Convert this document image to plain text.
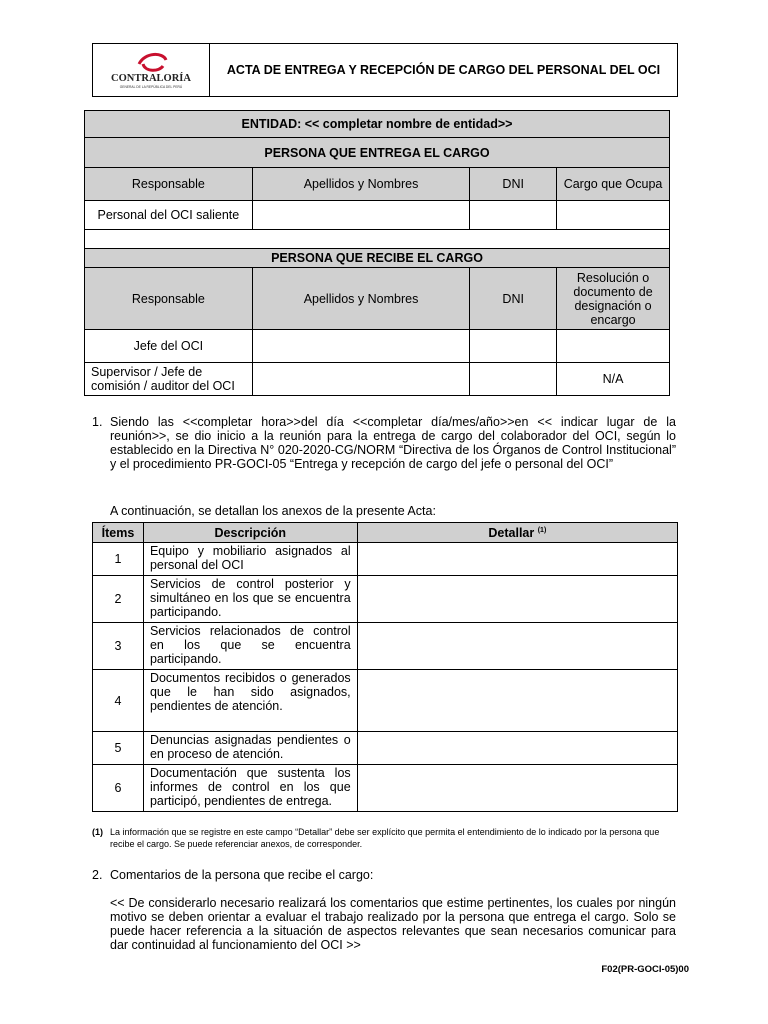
CONTRALORÍA
GENERAL DE LA REPÚBLICA DEL PERÚ
	ACTA DE ENTREGA Y RECEPCIÓN DE CARGO DEL PERSONAL DEL OCI
ENTIDAD: << completar nombre de entidad>>			
PERSONA QUE ENTREGA EL CARGO			
Responsable	Apellidos y Nombres	DNI	Cargo que Ocupa
Personal del OCI saliente			

PERSONA QUE RECIBE EL CARGO			
Responsable	Apellidos y Nombres	DNI	Resolución o documento de designación o encargo
Jefe del OCI			
Supervisor / Jefe de comisión / auditor del OCI			N/A
1. Siendo las <<completar hora>>del día <<completar día/mes/año>>en << indicar lugar de la reunión>>, se dio inicio a la reunión para la entrega de cargo del colaborador del OCI, según lo establecido en la Directiva N° 020-2020-CG/NORM “Directiva de los Órganos de Control Institucional” y el procedimiento PR-GOCI-05 “Entrega y recepción de cargo del jefe o personal del OCI”
A continuación, se detallan los anexos de la presente Acta:
Ítems	Descripción	Detallar $^{(1)}$
1	Equipo y mobiliario asignados al personal del OCI	
2	Servicios de control posterior y simultáneo en los que se encuentra participando.	
3	Servicios relacionados de control en los que se encuentra participando.	
4	Documentos recibidos o generados que le han sido asignados, pendientes de atención.	
5	Denuncias asignadas pendientes o en proceso de atención.	
6	Documentación que sustenta los informes de control en los que participó, pendientes de entrega.	
(1) La información que se registre en este campo “Detallar” debe ser explícito que permita el entendimiento de lo indicado por la persona que recibe el cargo. Se puede referenciar anexos, de corresponder.
2. Comentarios de la persona que recibe el cargo:
<< De considerarlo necesario realizará los comentarios que estime pertinentes, los cuales por ningún motivo se deben orientar a evaluar el trabajo realizado por la persona que entrega el cargo. Solo se puede hacer referencia a la situación de aspectos relevantes que sean necesarios comunicar para dar continuidad al funcionamiento del OCI >>
F02(PR-GOCI-05)00
